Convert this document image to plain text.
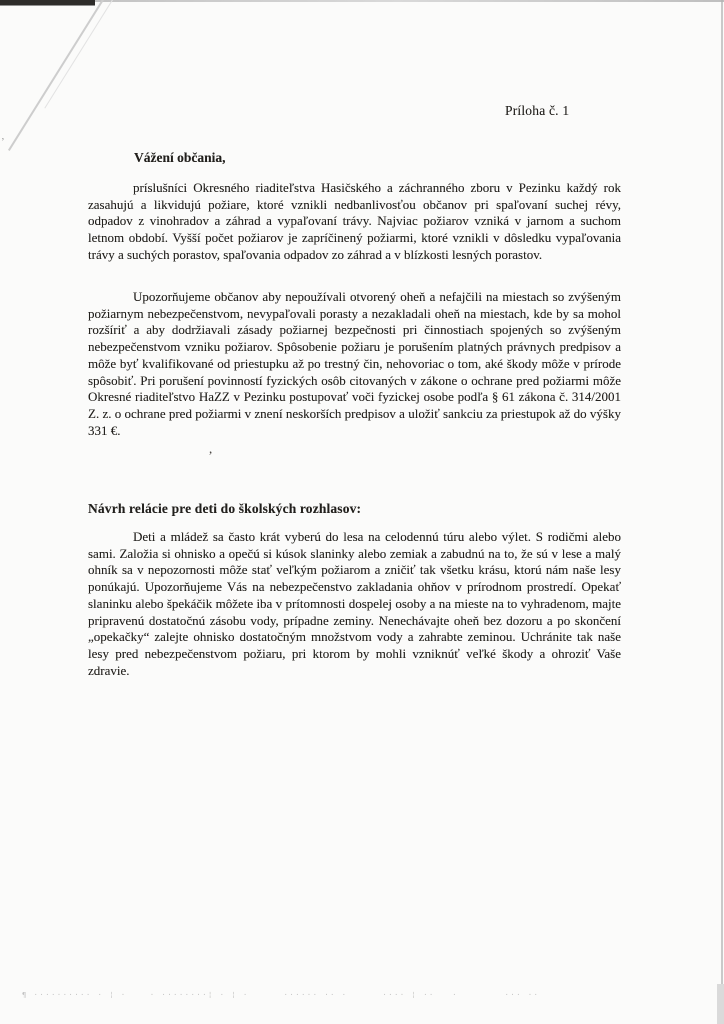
ʼ
Príloha č. 1
Vážení občania,

príslušníci Okresného riaditeľstva Hasičského a záchranného zboru v Pezinku každý rok zasahujú a likvidujú požiare, ktoré vznikli nedbanlivosťou občanov pri spaľovaní suchej révy, odpadov z vinohradov a záhrad a vypaľovaní trávy. Najviac požiarov vzniká v jarnom a suchom letnom období. Vyšší počet požiarov je zapríčinený požiarmi, ktoré vznikli v dôsledku vypaľovania trávy a suchých porastov, spaľovania odpadov zo záhrad a v blízkosti lesných porastov.

Upozorňujeme občanov aby nepoužívali otvorený oheň a nefajčili na miestach so zvýšeným požiarnym nebezpečenstvom, nevypaľovali porasty a nezakladali oheň na miestach, kde by sa mohol rozšíriť a aby dodržiavali zásady požiarnej bezpečnosti pri činnostiach spojených so zvýšeným nebezpečenstvom vzniku požiarov. Spôsobenie požiaru je porušením platných právnych predpisov a môže byť kvalifikované od priestupku až po trestný čin, nehovoriac o tom, aké škody môže v prírode spôsobiť. Pri porušení povinností fyzických osôb citovaných v zákone o ochrane pred požiarmi môže Okresné riaditeľstvo HaZZ v Pezinku postupovať voči fyzickej osobe podľa § 61 zákona č. 314/2001 Z. z. o ochrane pred požiarmi v znení neskorších predpisov a uložiť sankciu za priestupok až do výšky 331 €.

,
Návrh relácie pre deti do školských rozhlasov:

Deti a mládež sa často krát vyberú do lesa na celodennú túru alebo výlet. S rodičmi alebo sami. Založia si ohnisko a opečú si kúsok slaninky alebo zemiak a zabudnú na to, že sú v lese a malý ohník sa v nepozornosti môže stať veľkým požiarom a zničiť tak všetku krásu, ktorú nám naše lesy ponúkajú. Upozorňujeme Vás na nebezpečenstvo zakladania ohňov v prírodnom prostredí. Opekať slaninku alebo špekáčik môžete iba v prítomnosti dospelej osoby a na mieste na to vyhradenom, majte pripravenú dostatočnú zásobu vody, prípadne zeminy. Nenechávajte oheň bez dozoru a po skončení „opekačky“ zalejte ohnisko dostatočným množstvom vody a zahrabte zeminou. Uchránite tak naše lesy pred nebezpečenstvom požiaru, pri ktorom by mohli vzniknúť veľké škody a ohroziť Vaše zdravie.

¶ ·········· · ¦ ·    · ········¦ · ¦ ·      ······ ·· ·      ···· ¦ ··   ·        ··· ··
